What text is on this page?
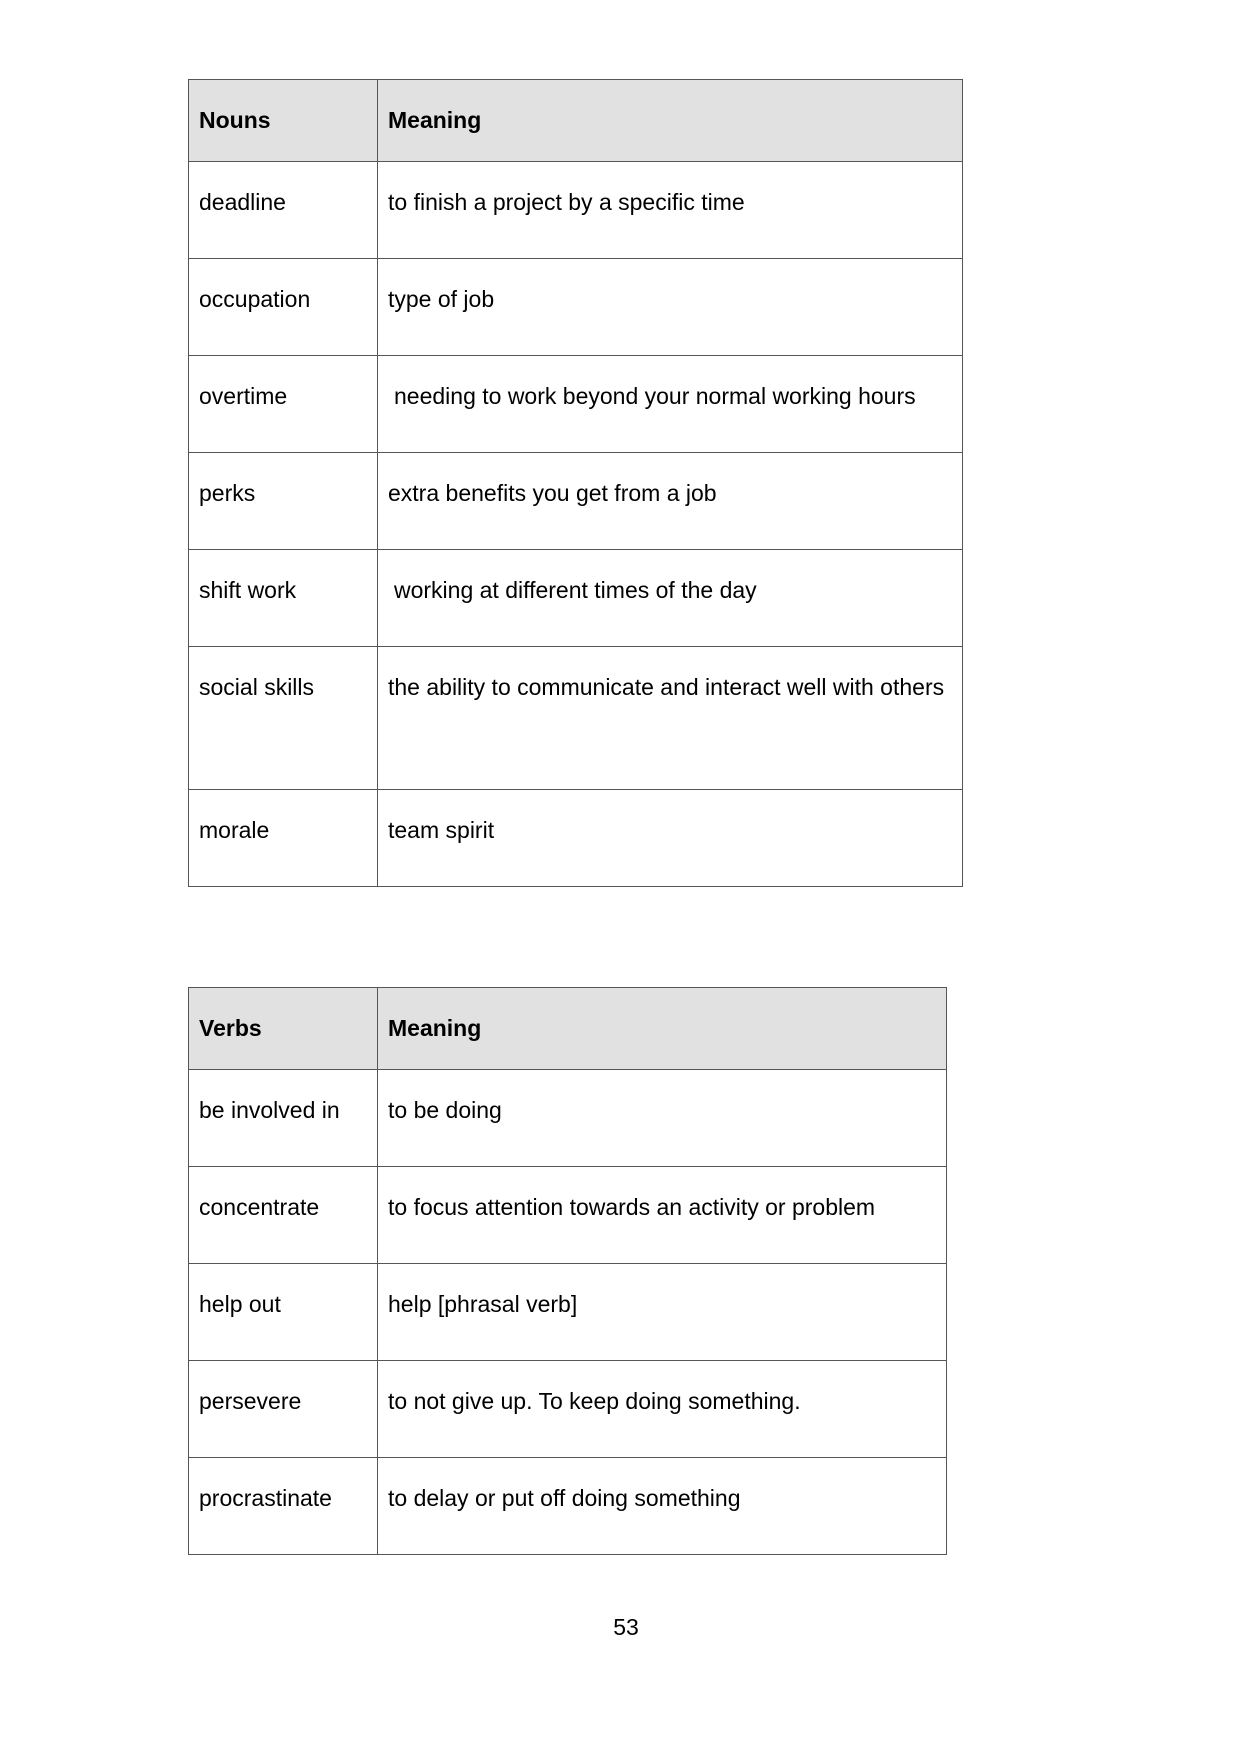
Nouns	Meaning
deadline	to finish a project by a specific time
occupation	type of job
overtime	needing to work beyond your normal working hours
perks	extra benefits you get from a job
shift work	working at different times of the day
social skills	the ability to communicate and interact well with others
morale	team spirit
Verbs	Meaning
be involved in	to be doing
concentrate	to focus attention towards an activity or problem
help out	help [phrasal verb]
persevere	to not give up. To keep doing something.
procrastinate	to delay or put off doing something
53
